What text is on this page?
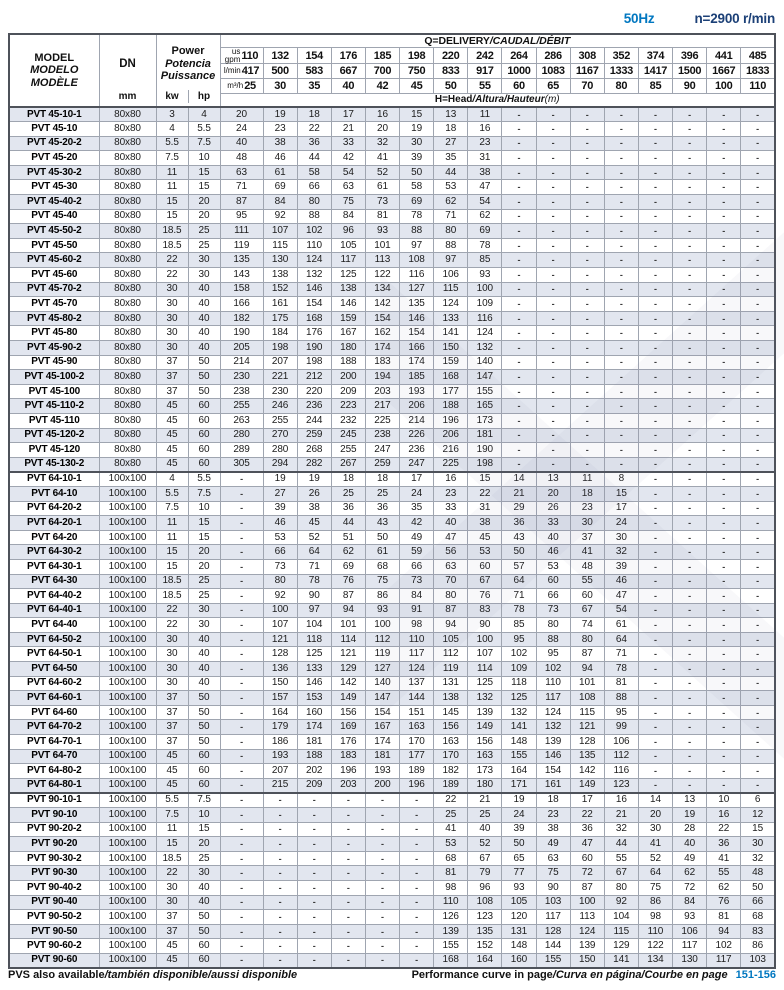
50Hz	n=2900 r/min
MODEL
MODELO
MODÈLE

DN
mm

Power
Potencia
Puissance
kw	hp
	Q=DELIVERY/CAUDAL/DÉBIT

				us
gpm 110	132	154	176	185	198	220	242	264	286	308	352	374	396	441	485

				l/min 417	500	583	667	700	750	833	917	1000	1083	1167	1333	1417	1500	1667	1833

				m³/h 25	30	35	40	42	45	50	55	60	65	70	80	85	90	100	110
				H=Head/Altura/Hauteur(m)															
PVT 45-10-1	80x80	3	4	20	19	18	17	16	15	13	11	-	-	-	-	-	-	-	-
PVT 45-10	80x80	4	5.5	24	23	22	21	20	19	18	16	-	-	-	-	-	-	-	-
PVT 45-20-2	80x80	5.5	7.5	40	38	36	33	32	30	27	23	-	-	-	-	-	-	-	-
PVT 45-20	80x80	7.5	10	48	46	44	42	41	39	35	31	-	-	-	-	-	-	-	-
PVT 45-30-2	80x80	11	15	63	61	58	54	52	50	44	38	-	-	-	-	-	-	-	-
PVT 45-30	80x80	11	15	71	69	66	63	61	58	53	47	-	-	-	-	-	-	-	-
PVT 45-40-2	80x80	15	20	87	84	80	75	73	69	62	54	-	-	-	-	-	-	-	-
PVT 45-40	80x80	15	20	95	92	88	84	81	78	71	62	-	-	-	-	-	-	-	-
PVT 45-50-2	80x80	18.5	25	111	107	102	96	93	88	80	69	-	-	-	-	-	-	-	-
PVT 45-50	80x80	18.5	25	119	115	110	105	101	97	88	78	-	-	-	-	-	-	-	-
PVT 45-60-2	80x80	22	30	135	130	124	117	113	108	97	85	-	-	-	-	-	-	-	-
PVT 45-60	80x80	22	30	143	138	132	125	122	116	106	93	-	-	-	-	-	-	-	-
PVT 45-70-2	80x80	30	40	158	152	146	138	134	127	115	100	-	-	-	-	-	-	-	-
PVT 45-70	80x80	30	40	166	161	154	146	142	135	124	109	-	-	-	-	-	-	-	-
PVT 45-80-2	80x80	30	40	182	175	168	159	154	146	133	116	-	-	-	-	-	-	-	-
PVT 45-80	80x80	30	40	190	184	176	167	162	154	141	124	-	-	-	-	-	-	-	-
PVT 45-90-2	80x80	30	40	205	198	190	180	174	166	150	132	-	-	-	-	-	-	-	-
PVT 45-90	80x80	37	50	214	207	198	188	183	174	159	140	-	-	-	-	-	-	-	-
PVT 45-100-2	80x80	37	50	230	221	212	200	194	185	168	147	-	-	-	-	-	-	-	-
PVT 45-100	80x80	37	50	238	230	220	209	203	193	177	155	-	-	-	-	-	-	-	-
PVT 45-110-2	80x80	45	60	255	246	236	223	217	206	188	165	-	-	-	-	-	-	-	-
PVT 45-110	80x80	45	60	263	255	244	232	225	214	196	173	-	-	-	-	-	-	-	-
PVT 45-120-2	80x80	45	60	280	270	259	245	238	226	206	181	-	-	-	-	-	-	-	-
PVT 45-120	80x80	45	60	289	280	268	255	247	236	216	190	-	-	-	-	-	-	-	-
PVT 45-130-2	80x80	45	60	305	294	282	267	259	247	225	198	-	-	-	-	-	-	-	-
PVT 64-10-1	100x100	4	5.5	-	19	19	18	18	17	16	15	14	13	11	8	-	-	-	-
PVT 64-10	100x100	5.5	7.5	-	27	26	25	25	24	23	22	21	20	18	15	-	-	-	-
PVT 64-20-2	100x100	7.5	10	-	39	38	36	36	35	33	31	29	26	23	17	-	-	-	-
PVT 64-20-1	100x100	11	15	-	46	45	44	43	42	40	38	36	33	30	24	-	-	-	-
PVT 64-20	100x100	11	15	-	53	52	51	50	49	47	45	43	40	37	30	-	-	-	-
PVT 64-30-2	100x100	15	20	-	66	64	62	61	59	56	53	50	46	41	32	-	-	-	-
PVT 64-30-1	100x100	15	20	-	73	71	69	68	66	63	60	57	53	48	39	-	-	-	-
PVT 64-30	100x100	18.5	25	-	80	78	76	75	73	70	67	64	60	55	46	-	-	-	-
PVT 64-40-2	100x100	18.5	25	-	92	90	87	86	84	80	76	71	66	60	47	-	-	-	-
PVT 64-40-1	100x100	22	30	-	100	97	94	93	91	87	83	78	73	67	54	-	-	-	-
PVT 64-40	100x100	22	30	-	107	104	101	100	98	94	90	85	80	74	61	-	-	-	-
PVT 64-50-2	100x100	30	40	-	121	118	114	112	110	105	100	95	88	80	64	-	-	-	-
PVT 64-50-1	100x100	30	40	-	128	125	121	119	117	112	107	102	95	87	71	-	-	-	-
PVT 64-50	100x100	30	40	-	136	133	129	127	124	119	114	109	102	94	78	-	-	-	-
PVT 64-60-2	100x100	30	40	-	150	146	142	140	137	131	125	118	110	101	81	-	-	-	-
PVT 64-60-1	100x100	37	50	-	157	153	149	147	144	138	132	125	117	108	88	-	-	-	-
PVT 64-60	100x100	37	50	-	164	160	156	154	151	145	139	132	124	115	95	-	-	-	-
PVT 64-70-2	100x100	37	50	-	179	174	169	167	163	156	149	141	132	121	99	-	-	-	-
PVT 64-70-1	100x100	37	50	-	186	181	176	174	170	163	156	148	139	128	106	-	-	-	-
PVT 64-70	100x100	45	60	-	193	188	183	181	177	170	163	155	146	135	112	-	-	-	-
PVT 64-80-2	100x100	45	60	-	207	202	196	193	189	182	173	164	154	142	116	-	-	-	-
PVT 64-80-1	100x100	45	60	-	215	209	203	200	196	189	180	171	161	149	123	-	-	-	-
PVT 90-10-1	100x100	5.5	7.5	-	-	-	-	-	-	22	21	19	18	17	16	14	13	10	6
PVT 90-10	100x100	7.5	10	-	-	-	-	-	-	25	25	24	23	22	21	20	19	16	12
PVT 90-20-2	100x100	11	15	-	-	-	-	-	-	41	40	39	38	36	32	30	28	22	15
PVT 90-20	100x100	15	20	-	-	-	-	-	-	53	52	50	49	47	44	41	40	36	30
PVT 90-30-2	100x100	18.5	25	-	-	-	-	-	-	68	67	65	63	60	55	52	49	41	32
PVT 90-30	100x100	22	30	-	-	-	-	-	-	81	79	77	75	72	67	64	62	55	48
PVT 90-40-2	100x100	30	40	-	-	-	-	-	-	98	96	93	90	87	80	75	72	62	50
PVT 90-40	100x100	30	40	-	-	-	-	-	-	110	108	105	103	100	92	86	84	76	66
PVT 90-50-2	100x100	37	50	-	-	-	-	-	-	126	123	120	117	113	104	98	93	81	68
PVT 90-50	100x100	37	50	-	-	-	-	-	-	139	135	131	128	124	115	110	106	94	83
PVT 90-60-2	100x100	45	60	-	-	-	-	-	-	155	152	148	144	139	129	122	117	102	86
PVT 90-60	100x100	45	60	-	-	-	-	-	-	168	164	160	155	150	141	134	130	117	103
PVS also available/también disponible/aussi disponible	Performance curve in page/Curva en página/Courbe en page 151-156
